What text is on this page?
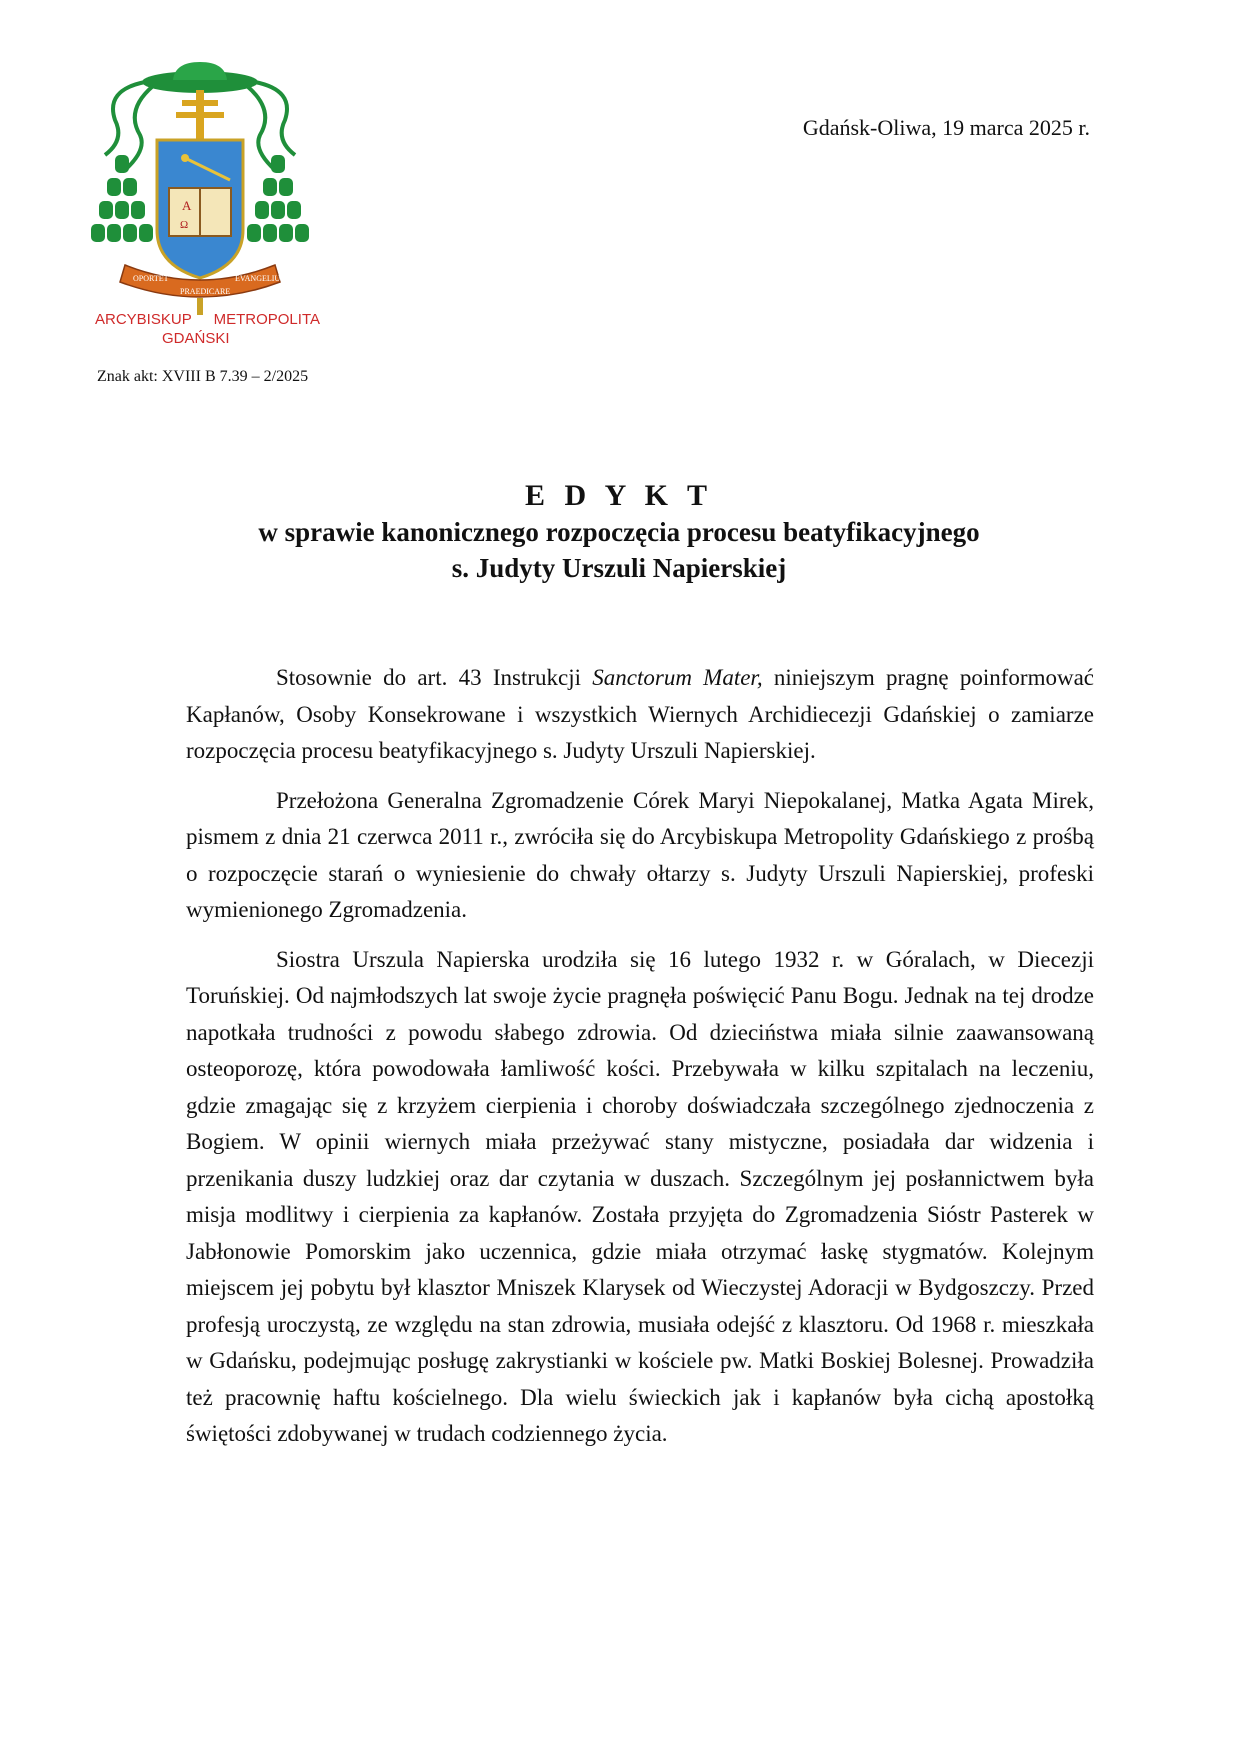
A
Ω
OPORTET
PRAEDICARE
EVANGELIUM
ARCYBISKUP METROPOLITA
GDAŃSKI
Gdańsk-Oliwa, 19 marca 2025 r.
Znak akt: XVIII B 7.39 – 2/2025
E D Y K T
w sprawie kanonicznego rozpoczęcia procesu beatyfikacyjnego
s. Judyty Urszuli Napierskiej

Stosownie do art. 43 Instrukcji Sanctorum Mater, niniejszym pragnę poinformować Kapłanów, Osoby Konsekrowane i wszystkich Wiernych Archidiecezji Gdańskiej o zamiarze rozpoczęcia procesu beatyfikacyjnego s. Judyty Urszuli Napierskiej.

Przełożona Generalna Zgromadzenie Córek Maryi Niepokalanej, Matka Agata Mirek, pismem z dnia 21 czerwca 2011 r., zwróciła się do Arcybiskupa Metropolity Gdańskiego z prośbą o rozpoczęcie starań o wyniesienie do chwały ołtarzy s. Judyty Urszuli Napierskiej, profeski wymienionego Zgromadzenia.

Siostra Urszula Napierska urodziła się 16 lutego 1932 r. w Góralach, w Diecezji Toruńskiej. Od najmłodszych lat swoje życie pragnęła poświęcić Panu Bogu. Jednak na tej drodze napotkała trudności z powodu słabego zdrowia. Od dzieciństwa miała silnie zaawansowaną osteoporozę, która powodowała łamliwość kości. Przebywała w kilku szpitalach na leczeniu, gdzie zmagając się z krzyżem cierpienia i choroby doświadczała szczególnego zjednoczenia z Bogiem. W opinii wiernych miała przeżywać stany mistyczne, posiadała dar widzenia i przenikania duszy ludzkiej oraz dar czytania w duszach. Szczególnym jej posłannictwem była misja modlitwy i cierpienia za kapłanów. Została przyjęta do Zgromadzenia Sióstr Pasterek w Jabłonowie Pomorskim jako uczennica, gdzie miała otrzymać łaskę stygmatów. Kolejnym miejscem jej pobytu był klasztor Mniszek Klarysek od Wieczystej Adoracji w Bydgoszczy. Przed profesją uroczystą, ze względu na stan zdrowia, musiała odejść z klasztoru. Od 1968 r. mieszkała w Gdańsku, podejmując posługę zakrystianki w kościele pw. Matki Boskiej Bolesnej. Prowadziła też pracownię haftu kościelnego. Dla wielu świeckich jak i kapłanów była cichą apostołką świętości zdobywanej w trudach codziennego życia.
